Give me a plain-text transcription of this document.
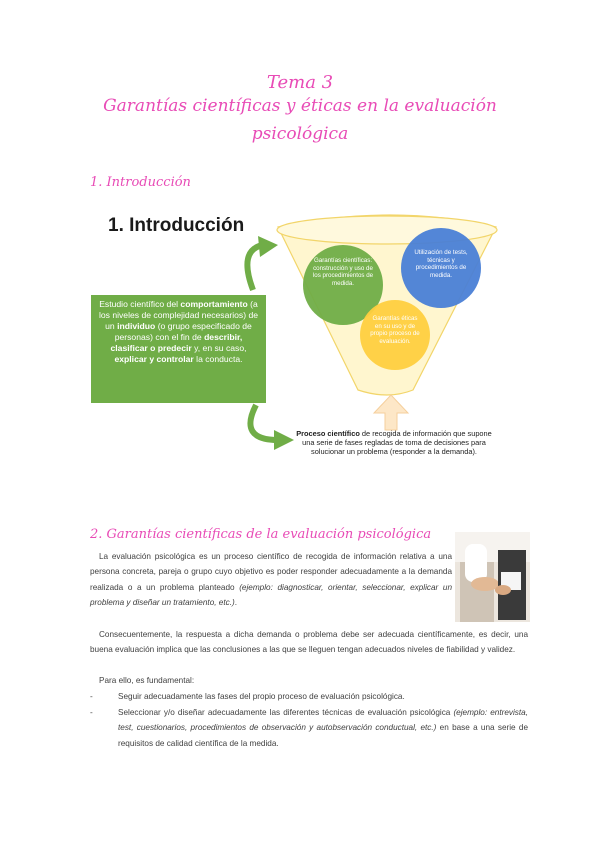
Tema 3
Garantías científicas y éticas en la evaluación
psicológica
1. Introducción
1. Introducción
Estudio científico del comportamiento (a los niveles de complejidad necesarios) de un individuo (o grupo especificado de personas) con el fin de describir, clasificar o predecir y, en su caso, explicar y controlar la conducta.
Garantías científicas: construcción y uso de los procedimientos de medida.
Utilización de tests, técnicas y procedimientos de medida.
Garantías éticas en su uso y de propio proceso de evaluación.
Proceso científico de recogida de información que supone una serie de fases regladas de toma de decisiones para solucionar un problema (responder a la demanda).
2. Garantías científicas de la evaluación psicológica
La evaluación psicológica es un proceso científico de recogida de información relativa a una persona concreta, pareja o grupo cuyo objetivo es poder responder adecuadamente a la demanda realizada o a un problema planteado (ejemplo: diagnosticar, orientar, seleccionar, explicar un problema y diseñar un tratamiento, etc.).
Consecuentemente, la respuesta a dicha demanda o problema debe ser adecuada científicamente, es decir, una buena evaluación implica que las conclusiones a las que se lleguen tengan adecuados niveles de fiabilidad y validez.
Para ello, es fundamental:
-	Seguir adecuadamente las fases del propio proceso de evaluación psicológica.
-	Seleccionar y/o diseñar adecuadamente las diferentes técnicas de evaluación psicológica (ejemplo: entrevista, test, cuestionarios, procedimientos de observación y autobservación conductual, etc.) en base a una serie de requisitos de calidad científica de la medida.
